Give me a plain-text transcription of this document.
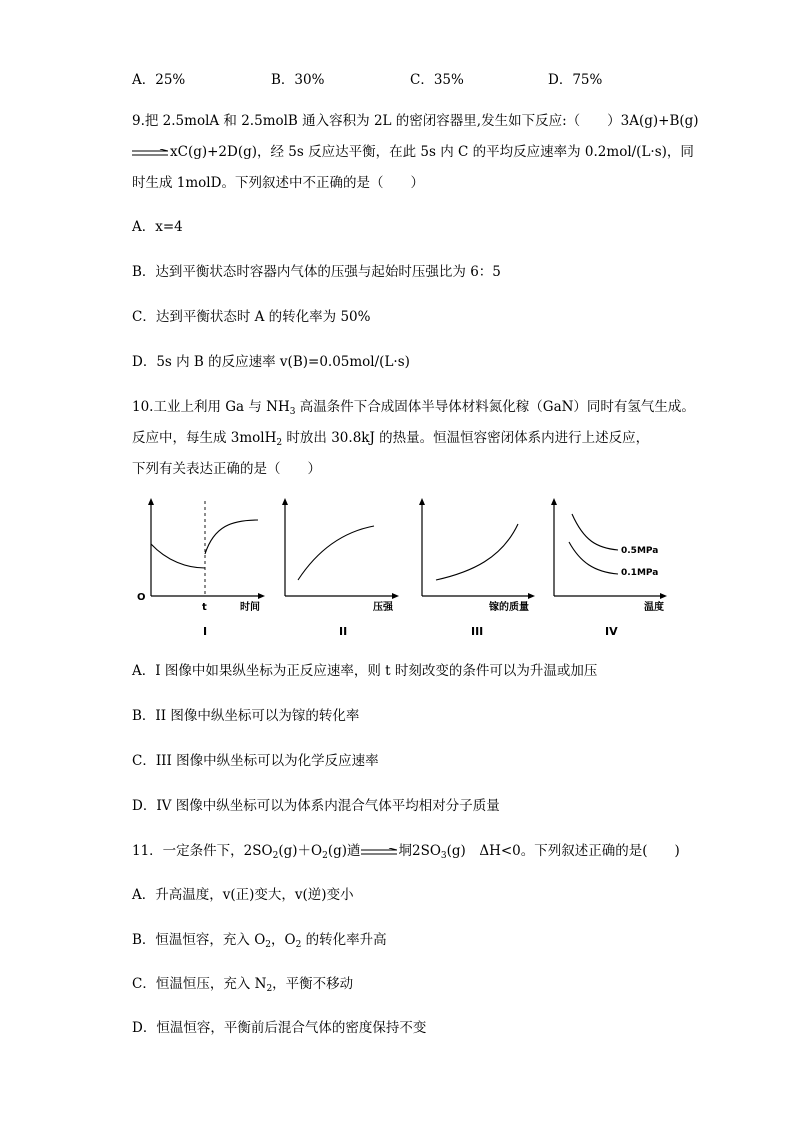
A．25%	B．30%	C．35%	D．75%
9.把 2.5molA 和 2.5molB 通入容积为 2L 的密闭容器里,发生如下反应:（　　）3A(g)+B(g)
xC(g)+2D(g)，经 5s 反应达平衡，在此 5s 内 C 的平均反应速率为 0.2mol/(L·s)，同
时生成 1molD。下列叙述中不正确的是（　　）
A．x=4
B．达到平衡状态时容器内气体的压强与起始时压强比为 6：5
C．达到平衡状态时 A 的转化率为 50%
D．5s 内 B 的反应速率 v(B)=0.05mol/(L·s)
10.工业上利用 Ga 与 $NH_3$ 高温条件下合成固体半导体材料氮化稼（GaN）同时有氢气生成。
反应中，每生成 3molH$_2$ 时放出 30.8kJ 的热量。恒温恒容密闭体系内进行上述反应，
下列有关表达正确的是（　　）
O
t	时间
I
压强
II
镓的质量
III
0.5MPa
0.1MPa
温度
IV
A．I 图像中如果纵坐标为正反应速率，则 t 时刻改变的条件可以为升温或加压
B．II 图像中纵坐标可以为镓的转化率
C．III 图像中纵坐标可以为化学反应速率
D．IV 图像中纵坐标可以为体系内混合气体平均相对分子质量
11．一定条件下，$2SO_2(g)+O_2(g)$遒	垌$2SO_3(g)$　ΔH<0。下列叙述正确的是(　　)
A．升高温度，v(正)变大，v(逆)变小
B．恒温恒容，充入 $O_2$，$O_2$ 的转化率升高
C．恒温恒压，充入 $N_2$，平衡不移动
D．恒温恒容，平衡前后混合气体的密度保持不变
